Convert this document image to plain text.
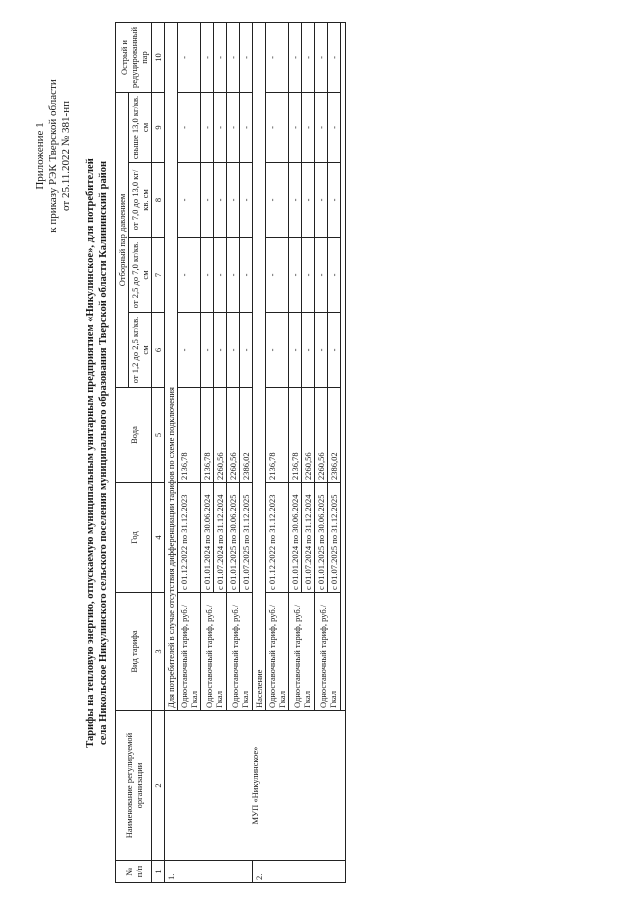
Приложение 1 к приказу РЭК Тверской области от 25.11.2022 № 381-нп
Тарифы на тепловую энергию, отпускаемую муниципальным унитарным предприятием «Никулинское», для потребителей села Никольское Никулинского сельского поселения муниципального образования Тверской области Калининский район
№ п/п	Наименование регулируемой организации	Вид тарифа	Год	Вода	Отборный пар давлением				Острый и редуцированный пар
					от 1,2 до 2,5 кг/кв. см	от 2,5 до 7,0 кг/кв. см	от 7,0 до 13,0 кг/кв. см	свыше 13,0 кг/кв. см	
1	2	3	4	5	6	7	8	9	10
1.	МУП «Никулинское»	Для потребителей в случае отсутствия дифференциации тарифов по схеме подключения							
		Одноставочный тариф, руб./Гкал	с 01.12.2022 по 31.12.2023	2136,78	-	-	-	-	-
		Одноставочный тариф, руб./Гкал	с 01.01.2024 по 30.06.2024	2136,78	-	-	-	-	-
			с 01.07.2024 по 31.12.2024	2260,56	-	-	-	-	-
		Одноставочный тариф, руб./Гкал	с 01.01.2025 по 30.06.2025	2260,56	-	-	-	-	-
			с 01.07.2025 по 31.12.2025	2386,02	-	-	-	-	-
2.		Население							
		Одноставочный тариф, руб./Гкал	с 01.12.2022 по 31.12.2023	2136,78	-	-	-	-	-
		Одноставочный тариф, руб./Гкал	с 01.01.2024 по 30.06.2024	2136,78	-	-	-	-	-
			с 01.07.2024 по 31.12.2024	2260,56	-	-	-	-	-
		Одноставочный тариф, руб./Гкал	с 01.01.2025 по 30.06.2025	2260,56	-	-	-	-	-
			с 01.07.2025 по 31.12.2025	2386,02	-	-	-	-	-
